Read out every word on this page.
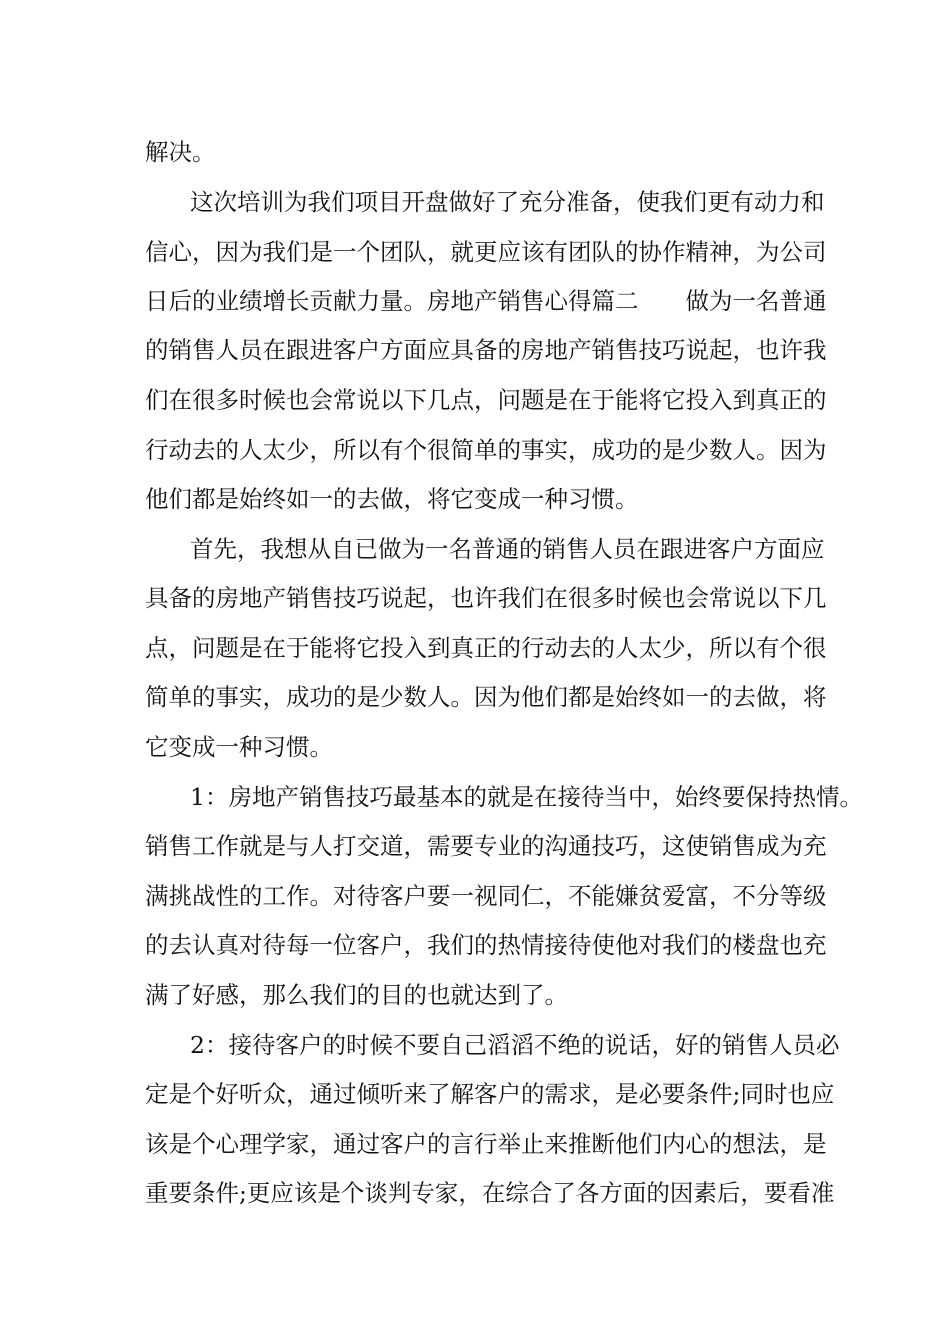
解决。
这次培训为我们项目开盘做好了充分准备，使我们更有动力和
信心，因为我们是一个团队，就更应该有团队的协作精神，为公司
日后的业绩增长贡献力量。房地产销售心得篇二　　做为一名普通
的销售人员在跟进客户方面应具备的房地产销售技巧说起，也许我
们在很多时候也会常说以下几点，问题是在于能将它投入到真正的
行动去的人太少，所以有个很简单的事实，成功的是少数人。因为
他们都是始终如一的去做，将它变成一种习惯。
首先，我想从自已做为一名普通的销售人员在跟进客户方面应
具备的房地产销售技巧说起，也许我们在很多时候也会常说以下几
点，问题是在于能将它投入到真正的行动去的人太少，所以有个很
简单的事实，成功的是少数人。因为他们都是始终如一的去做，将
它变成一种习惯。
1：房地产销售技巧最基本的就是在接待当中，始终要保持热情。
销售工作就是与人打交道，需要专业的沟通技巧，这使销售成为充
满挑战性的工作。对待客户要一视同仁，不能嫌贫爱富，不分等级
的去认真对待每一位客户，我们的热情接待使他对我们的楼盘也充
满了好感，那么我们的目的也就达到了。
2：接待客户的时候不要自己滔滔不绝的说话，好的销售人员必
定是个好听众，通过倾听来了解客户的需求，是必要条件;同时也应
该是个心理学家，通过客户的言行举止来推断他们内心的想法，是
重要条件;更应该是个谈判专家，在综合了各方面的因素后，要看准
